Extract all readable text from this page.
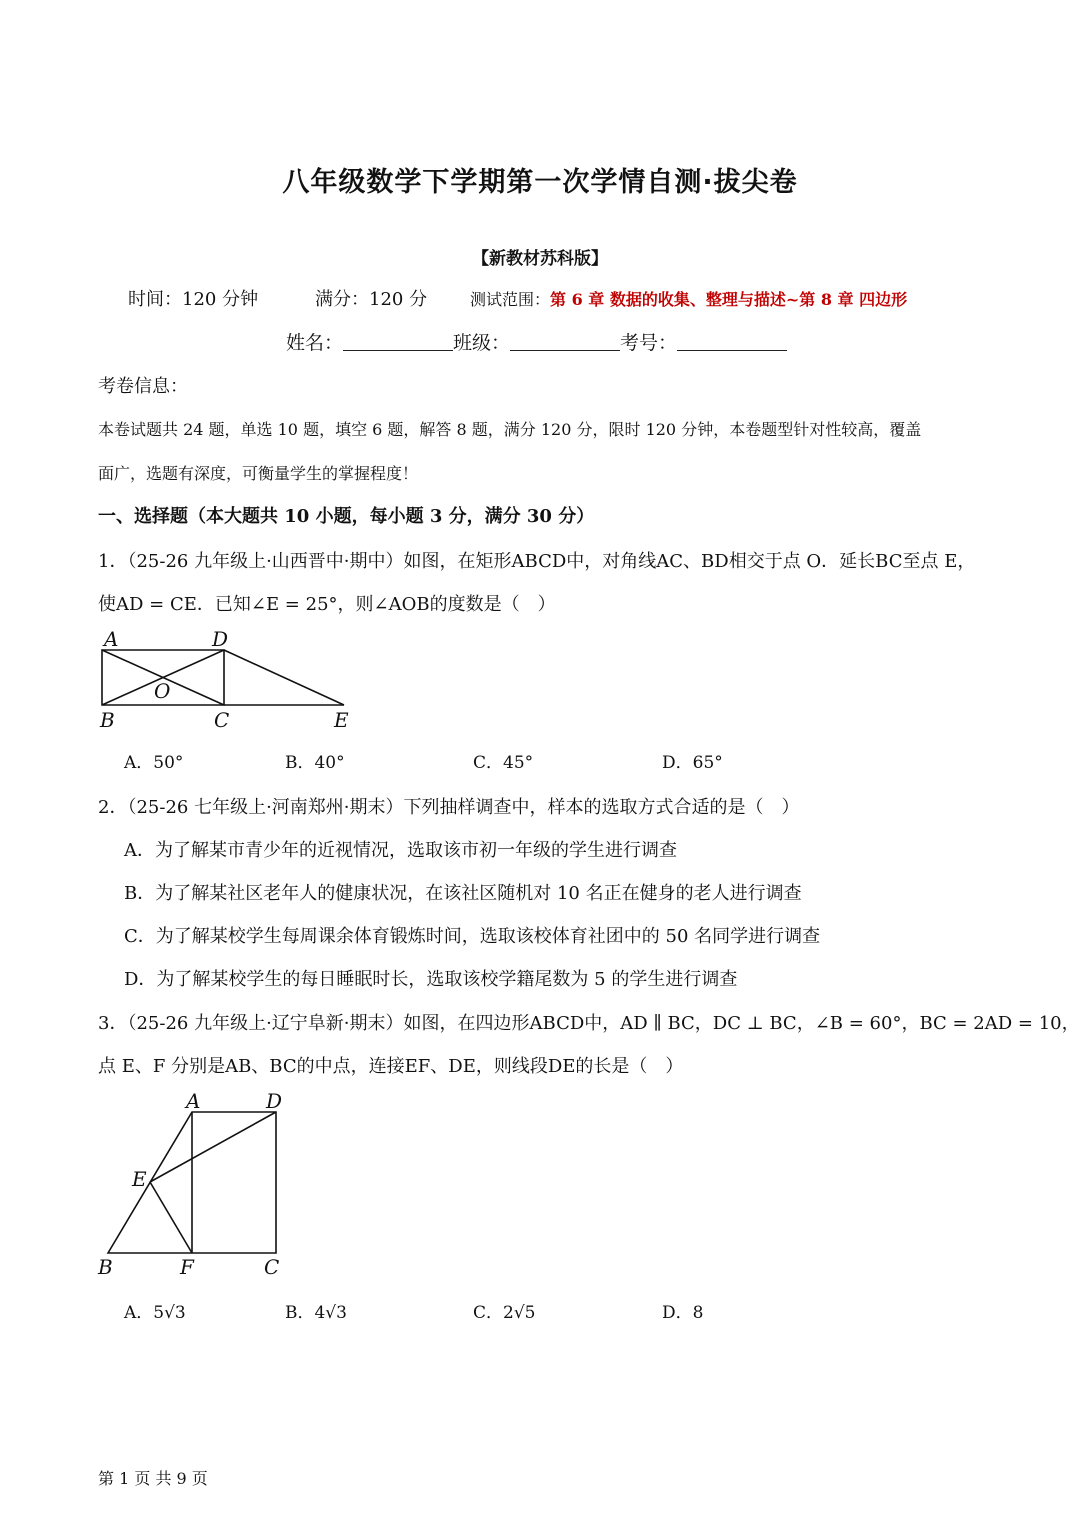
八年级数学下学期第一次学情自测·拔尖卷
【新教材苏科版】
时间：120 分钟	满分：120 分	测试范围：第 6 章 数据的收集、整理与描述~第 8 章 四边形
姓名：	班级：	考号：
考卷信息：
本卷试题共 24 题，单选 10 题，填空 6 题，解答 8 题，满分 120 分，限时 120 分钟，本卷题型针对性较高，覆盖
面广，选题有深度，可衡量学生的掌握程度！
一、选择题（本大题共 10 小题，每小题 3 分，满分 30 分）
1．（25-26 九年级上·山西晋中·期中）如图，在矩形ABCD中，对角线AC、BD相交于点 O．延长BC至点 E，
使AD = CE．已知∠E = 25°，则∠AOB的度数是（　）
A	D
O
B	C	E
A．50°	B．40°	C．45°	D．65°
2．（25-26 七年级上·河南郑州·期末）下列抽样调查中，样本的选取方式合适的是（　）
A．为了解某市青少年的近视情况，选取该市初一年级的学生进行调查
B．为了解某社区老年人的健康状况，在该社区随机对 10 名正在健身的老人进行调查
C．为了解某校学生每周课余体育锻炼时间，选取该校体育社团中的 50 名同学进行调查
D．为了解某校学生的每日睡眠时长，选取该校学籍尾数为 5 的学生进行调查
3．（25-26 九年级上·辽宁阜新·期末）如图，在四边形ABCD中，AD ∥ BC，DC ⊥ BC，∠B = 60°，BC = 2AD = 10，
点 E、F 分别是AB、BC的中点，连接EF、DE，则线段DE的长是（　）
A	D
E
B	F	C
A．5√3	B．4√3	C．2√5	D．8
第 1 页 共 9 页
